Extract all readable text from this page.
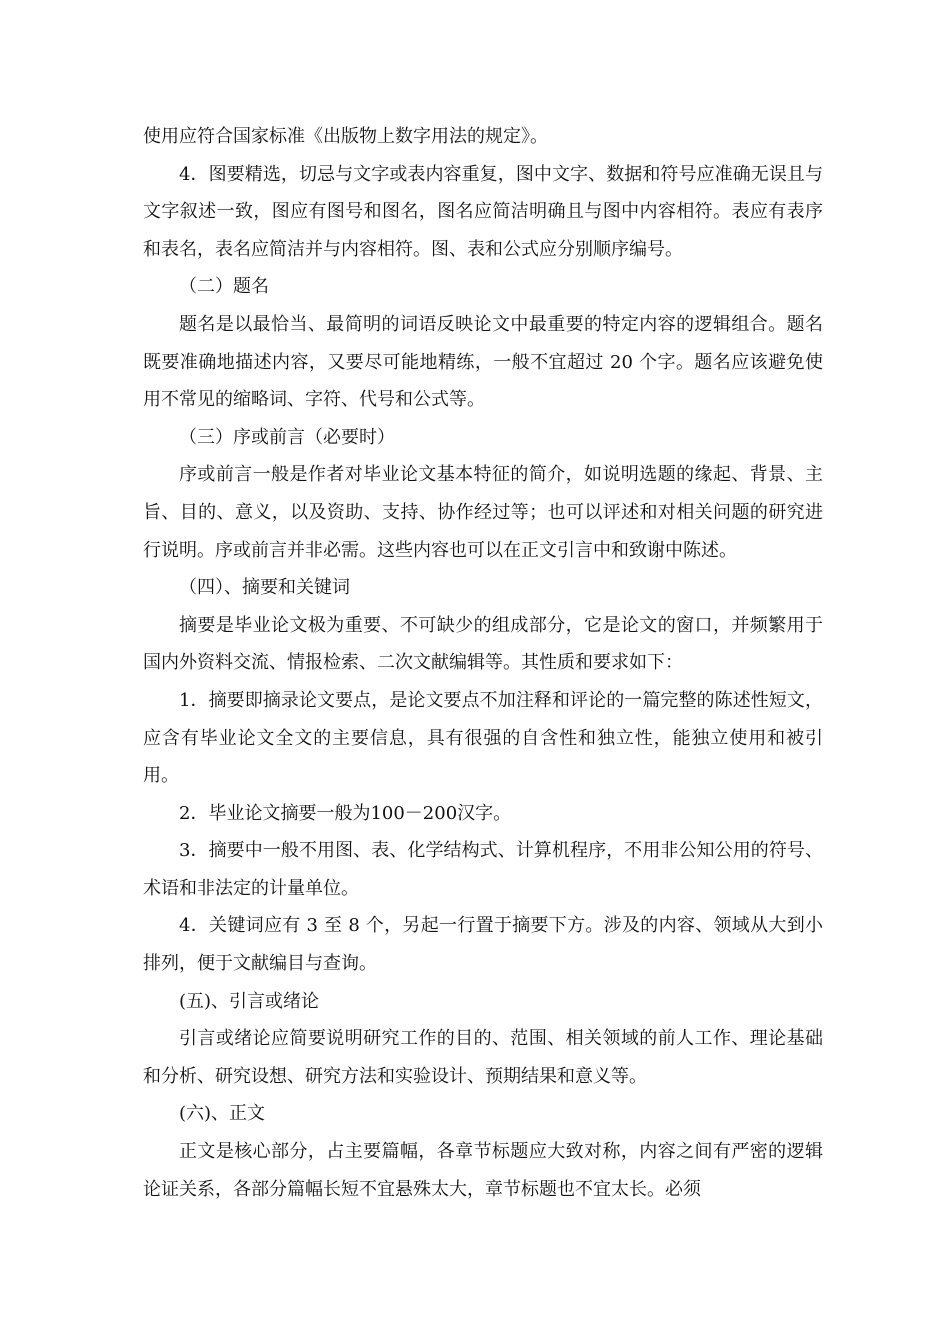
使用应符合国家标准《出版物上数字用法的规定》。

4．图要精选，切忌与文字或表内容重复，图中文字、数据和符号应准确无误且与文字叙述一致，图应有图号和图名，图名应简洁明确且与图中内容相符。表应有表序和表名，表名应简洁并与内容相符。图、表和公式应分别顺序编号。

（二）题名

题名是以最恰当、最简明的词语反映论文中最重要的特定内容的逻辑组合。题名既要准确地描述内容，又要尽可能地精练，一般不宜超过 20 个字。题名应该避免使用不常见的缩略词、字符、代号和公式等。

（三）序或前言（必要时）

序或前言一般是作者对毕业论文基本特征的简介，如说明选题的缘起、背景、主旨、目的、意义，以及资助、支持、协作经过等；也可以评述和对相关问题的研究进行说明。序或前言并非必需。这些内容也可以在正文引言中和致谢中陈述。

（四）、摘要和关键词

摘要是毕业论文极为重要、不可缺少的组成部分，它是论文的窗口，并频繁用于国内外资料交流、情报检索、二次文献编辑等。其性质和要求如下：

1．摘要即摘录论文要点，是论文要点不加注释和评论的一篇完整的陈述性短文，应含有毕业论文全文的主要信息，具有很强的自含性和独立性，能独立使用和被引用。

2．毕业论文摘要一般为100－200汉字。

3．摘要中一般不用图、表、化学结构式、计算机程序，不用非公知公用的符号、术语和非法定的计量单位。

4．关键词应有 3 至 8 个，另起一行置于摘要下方。涉及的内容、领域从大到小排列，便于文献编目与查询。

(五)、引言或绪论

引言或绪论应简要说明研究工作的目的、范围、相关领域的前人工作、理论基础和分析、研究设想、研究方法和实验设计、预期结果和意义等。

(六)、正文

正文是核心部分，占主要篇幅，各章节标题应大致对称，内容之间有严密的逻辑论证关系，各部分篇幅长短不宜悬殊太大，章节标题也不宜太长。必须
